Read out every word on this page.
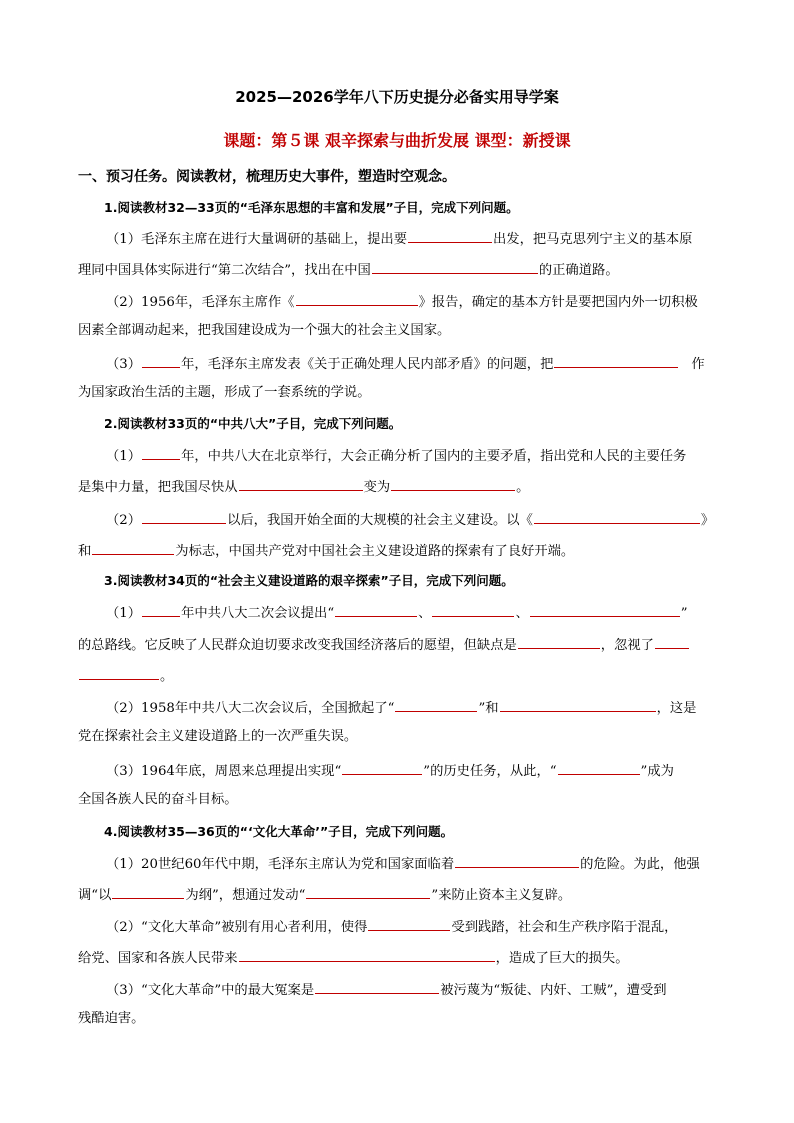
2025—2026学年八下历史提分必备实用导学案
课题：第５课 艰辛探索与曲折发展 课型：新授课
一、预习任务。阅读教材，梳理历史大事件，塑造时空观念。
1.阅读教材32—33页的“毛泽东思想的丰富和发展”子目，完成下列问题。
（1）毛泽东主席在进行大量调研的基础上，提出要	出发，把马克思列宁主义的基本原
理同中国具体实际进行“第二次结合”，找出在中国	的正确道路。
（2）1956年，毛泽东主席作《	》报告，确定的基本方针是要把国内外一切积极
因素全部调动起来，把我国建设成为一个强大的社会主义国家。
（3）	年，毛泽东主席发表《关于正确处理人民内部矛盾》的问题，把	作
为国家政治生活的主题，形成了一套系统的学说。
2.阅读教材33页的“中共八大”子目，完成下列问题。
（1）	年，中共八大在北京举行，大会正确分析了国内的主要矛盾，指出党和人民的主要任务
是集中力量，把我国尽快从	变为	。
（2）	以后，我国开始全面的大规模的社会主义建设。以《	》
和	为标志，中国共产党对中国社会主义建设道路的探索有了良好开端。
3.阅读教材34页的“社会主义建设道路的艰辛探索”子目，完成下列问题。
（1）	年中共八大二次会议提出“	、	、	”
的总路线。它反映了人民群众迫切要求改变我国经济落后的愿望，但缺点是	，忽视了
。
（2）1958年中共八大二次会议后，全国掀起了“	”和	，这是
党在探索社会主义建设道路上的一次严重失误。
（3）1964年底，周恩来总理提出实现“	”的历史任务，从此，“	”成为
全国各族人民的奋斗目标。
4.阅读教材35—36页的“‘文化大革命’”子目，完成下列问题。
（1）20世纪60年代中期，毛泽东主席认为党和国家面临着	的危险。为此，他强
调“以	为纲”，想通过发动“	”来防止资本主义复辟。
（2）“文化大革命”被别有用心者利用，使得	受到践踏，社会和生产秩序陷于混乱，
给党、国家和各族人民带来	，造成了巨大的损失。
（3）“文化大革命”中的最大冤案是	被污蔑为“叛徒、内奸、工贼”，遭受到
残酷迫害。
